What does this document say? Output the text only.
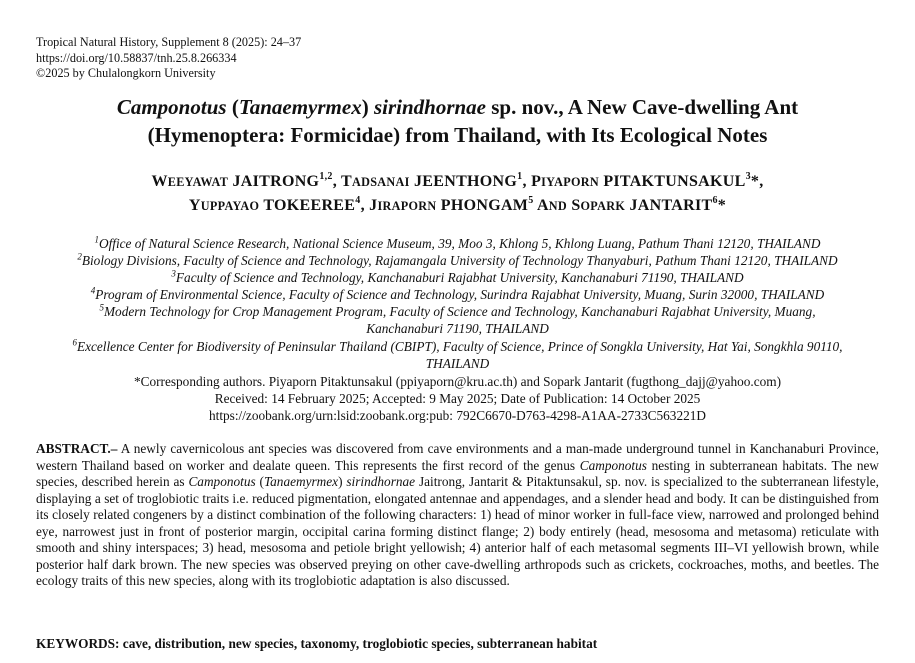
Tropical Natural History, Supplement 8 (2025): 24–37
https://doi.org/10.58837/tnh.25.8.266334
©2025 by Chulalongkorn University
Camponotus (Tanaemyrmex) sirindhornae sp. nov., A New Cave-dwelling Ant
(Hymenoptera: Formicidae) from Thailand, with Its Ecological Notes
WEEYAWAT JAITRONG$^{1,2}$, TADSANAI JEENTHONG$^1$, PIYAPORN PITAKTUNSAKUL$^3$*,
YUPPAYAO TOKEEREE$^4$, JIRAPORN PHONGAM$^5$ AND SOPARK JANTARIT$^6$*
$^1$Office of Natural Science Research, National Science Museum, 39, Moo 3, Khlong 5, Khlong Luang, Pathum Thani 12120, THAILAND
$^2$Biology Divisions, Faculty of Science and Technology, Rajamangala University of Technology Thanyaburi, Pathum Thani 12120, THAILAND
$^3$Faculty of Science and Technology, Kanchanaburi Rajabhat University, Kanchanaburi 71190, THAILAND
$^4$Program of Environmental Science, Faculty of Science and Technology, Surindra Rajabhat University, Muang, Surin 32000, THAILAND
$^5$Modern Technology for Crop Management Program, Faculty of Science and Technology, Kanchanaburi Rajabhat University, Muang,
Kanchanaburi 71190, THAILAND
$^6$Excellence Center for Biodiversity of Peninsular Thailand (CBIPT), Faculty of Science, Prince of Songkla University, Hat Yai, Songkhla 90110,
THAILAND
*Corresponding authors. Piyaporn Pitaktunsakul (ppiyaporn@kru.ac.th) and Sopark Jantarit (fugthong_dajj@yahoo.com)
Received: 14 February 2025; Accepted: 9 May 2025; Date of Publication: 14 October 2025
https://zoobank.org/urn:lsid:zoobank.org:pub: 792C6670-D763-4298-A1AA-2733C563221D
ABSTRACT.– A newly cavernicolous ant species was discovered from cave environments and a man-made underground tunnel in Kanchanaburi Province, western Thailand based on worker and dealate queen. This represents the first record of the genus Camponotus nesting in subterranean habitats. The new species, described herein as Camponotus (Tanaemyrmex) sirindhornae Jaitrong, Jantarit & Pitaktunsakul, sp. nov. is specialized to the subterranean lifestyle, displaying a set of troglobiotic traits i.e. reduced pigmentation, elongated antennae and appendages, and a slender head and body. It can be distinguished from its closely related congeners by a distinct combination of the following characters: 1) head of minor worker in full-face view, narrowed and prolonged behind eye, narrowest just in front of posterior margin, occipital carina forming distinct flange; 2) body entirely (head, mesosoma and metasoma) reticulate with smooth and shiny interspaces; 3) head, mesosoma and petiole bright yellowish; 4) anterior half of each metasomal segments III–VI yellowish brown, while posterior half dark brown. The new species was observed preying on other cave-dwelling arthropods such as crickets, cockroaches, moths, and beetles. The ecology traits of this new species, along with its troglobiotic adaptation is also discussed.
KEYWORDS: cave, distribution, new species, taxonomy, troglobiotic species, subterranean habitat
